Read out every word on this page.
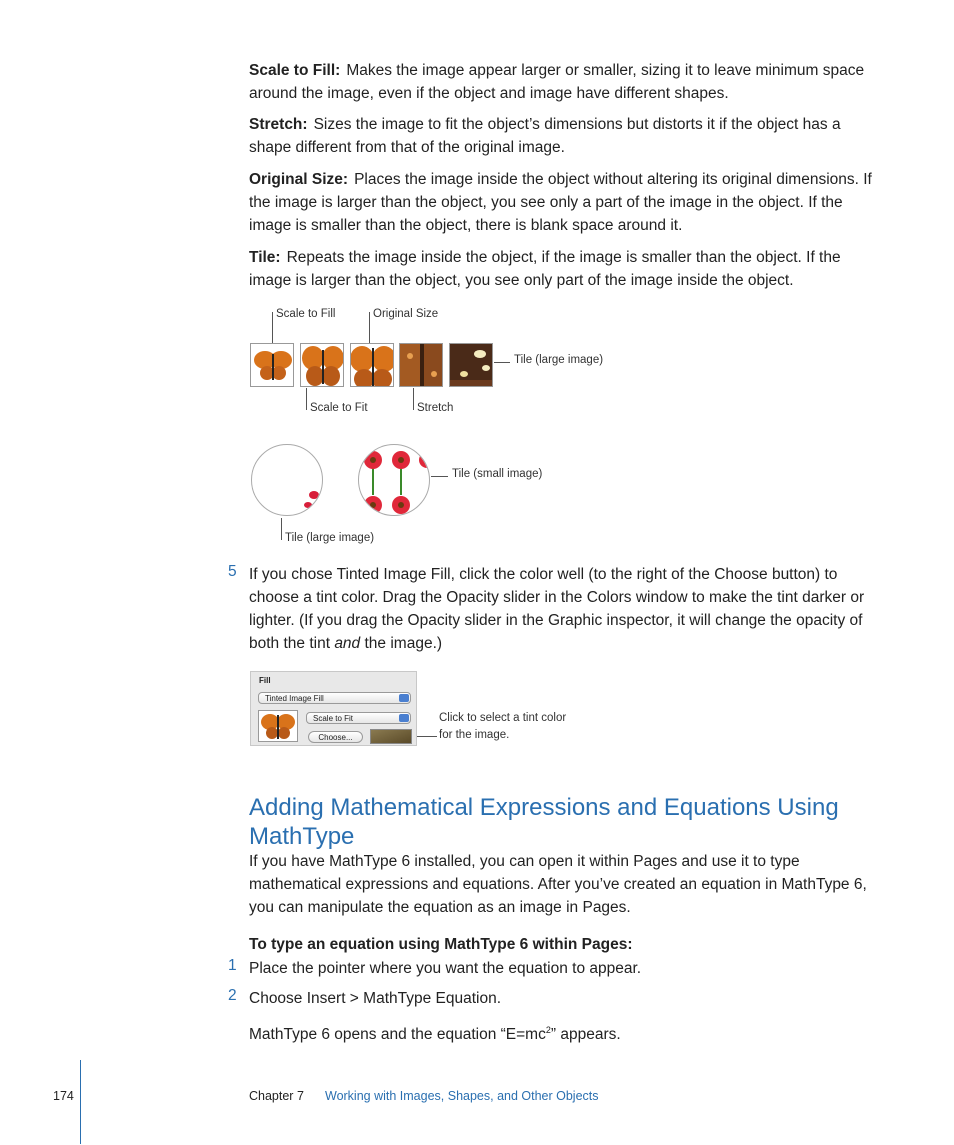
Scale to Fill: Makes the image appear larger or smaller, sizing it to leave minimum space around the image, even if the object and image have different shapes.
Stretch: Sizes the image to fit the object’s dimensions but distorts it if the object has a shape different from that of the original image.
Original Size: Places the image inside the object without altering its original dimensions. If the image is larger than the object, you see only a part of the image in the object. If the image is smaller than the object, there is blank space around it.
Tile: Repeats the image inside the object, if the image is smaller than the object. If the image is larger than the object, you see only part of the image inside the object.
Scale to Fill	Original Size
Tile (large image)
Scale to Fit	Stretch
Tile (small image)
Tile (large image)
5 If you chose Tinted Image Fill, click the color well (to the right of the Choose button) to choose a tint color. Drag the Opacity slider in the Colors window to make the tint darker or lighter. (If you drag the Opacity slider in the Graphic inspector, it will change the opacity of both the tint and the image.)
Fill
Tinted Image Fill
Scale to Fit
Choose...
Click to select a tint color
for the image.
Adding Mathematical Expressions and Equations Using MathType
If you have MathType 6 installed, you can open it within Pages and use it to type mathematical expressions and equations. After you’ve created an equation in MathType 6, you can manipulate the equation as an image in Pages.
To type an equation using MathType 6 within Pages:
1 Place the pointer where you want the equation to appear.
2 Choose Insert > MathType Equation.
MathType 6 opens and the equation “$E=mc^2$” appears.
174	Chapter 7 Working with Images, Shapes, and Other Objects
